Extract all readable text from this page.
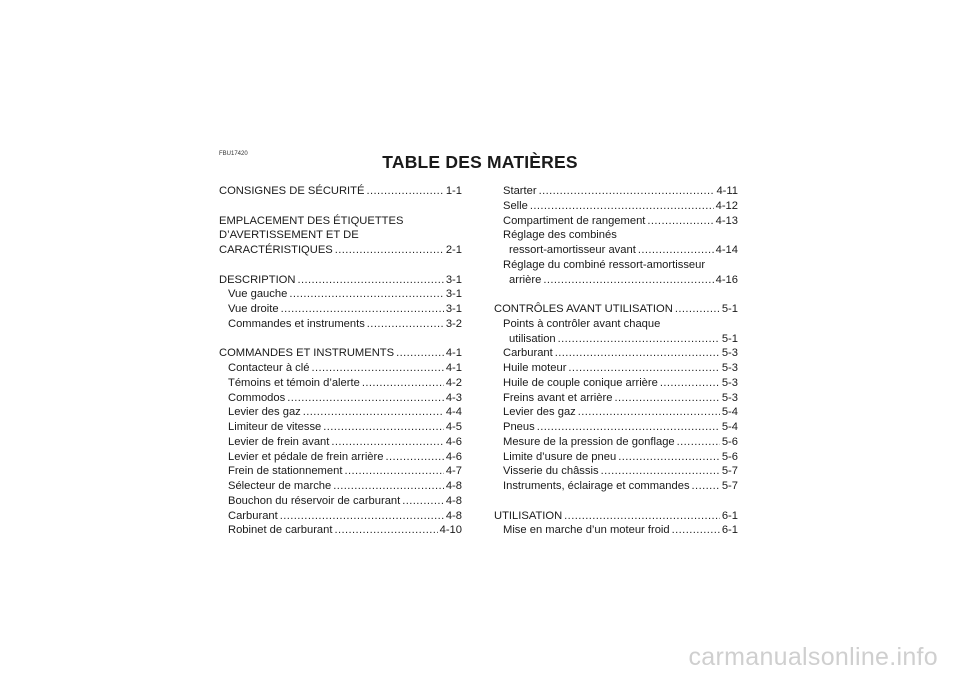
FBU17420	TABLE DES MATIÈRES
CONSIGNES DE SÉCURITÉ .....	1-1
EMPLACEMENT DES ÉTIQUETTES
D’AVERTISSEMENT ET DE
CARACTÉRISTIQUES .....	2-1
DESCRIPTION .....	3-1
Vue gauche .....	3-1
Vue droite .....	3-1
Commandes et instruments .....	3-2
COMMANDES ET INSTRUMENTS .....	4-1
Contacteur à clé .....	4-1
Témoins et témoin d’alerte .....	4-2
Commodos .....	4-3
Levier des gaz .....	4-4
Limiteur de vitesse .....	4-5
Levier de frein avant .....	4-6
Levier et pédale de frein arrière .....	4-6
Frein de stationnement .....	4-7
Sélecteur de marche .....	4-8
Bouchon du réservoir de carburant .....	4-8
Carburant .....	4-8
Robinet de carburant .....	4-10
Starter .....	4-11
Selle .....	4-12
Compartiment de rangement .....	4-13
Réglage des combinés
ressort-amortisseur avant .....	4-14
Réglage du combiné ressort-amortisseur
arrière .....	4-16
CONTRÔLES AVANT UTILISATION .....	5-1
Points à contrôler avant chaque
utilisation .....	5-1
Carburant .....	5-3
Huile moteur .....	5-3
Huile de couple conique arrière .....	5-3
Freins avant et arrière .....	5-3
Levier des gaz .....	5-4
Pneus .....	5-4
Mesure de la pression de gonflage .....	5-6
Limite d’usure de pneu .....	5-6
Visserie du châssis .....	5-7
Instruments, éclairage et commandes .....	5-7
UTILISATION .....	6-1
Mise en marche d’un moteur froid .....	6-1
carmanualsonline.info
